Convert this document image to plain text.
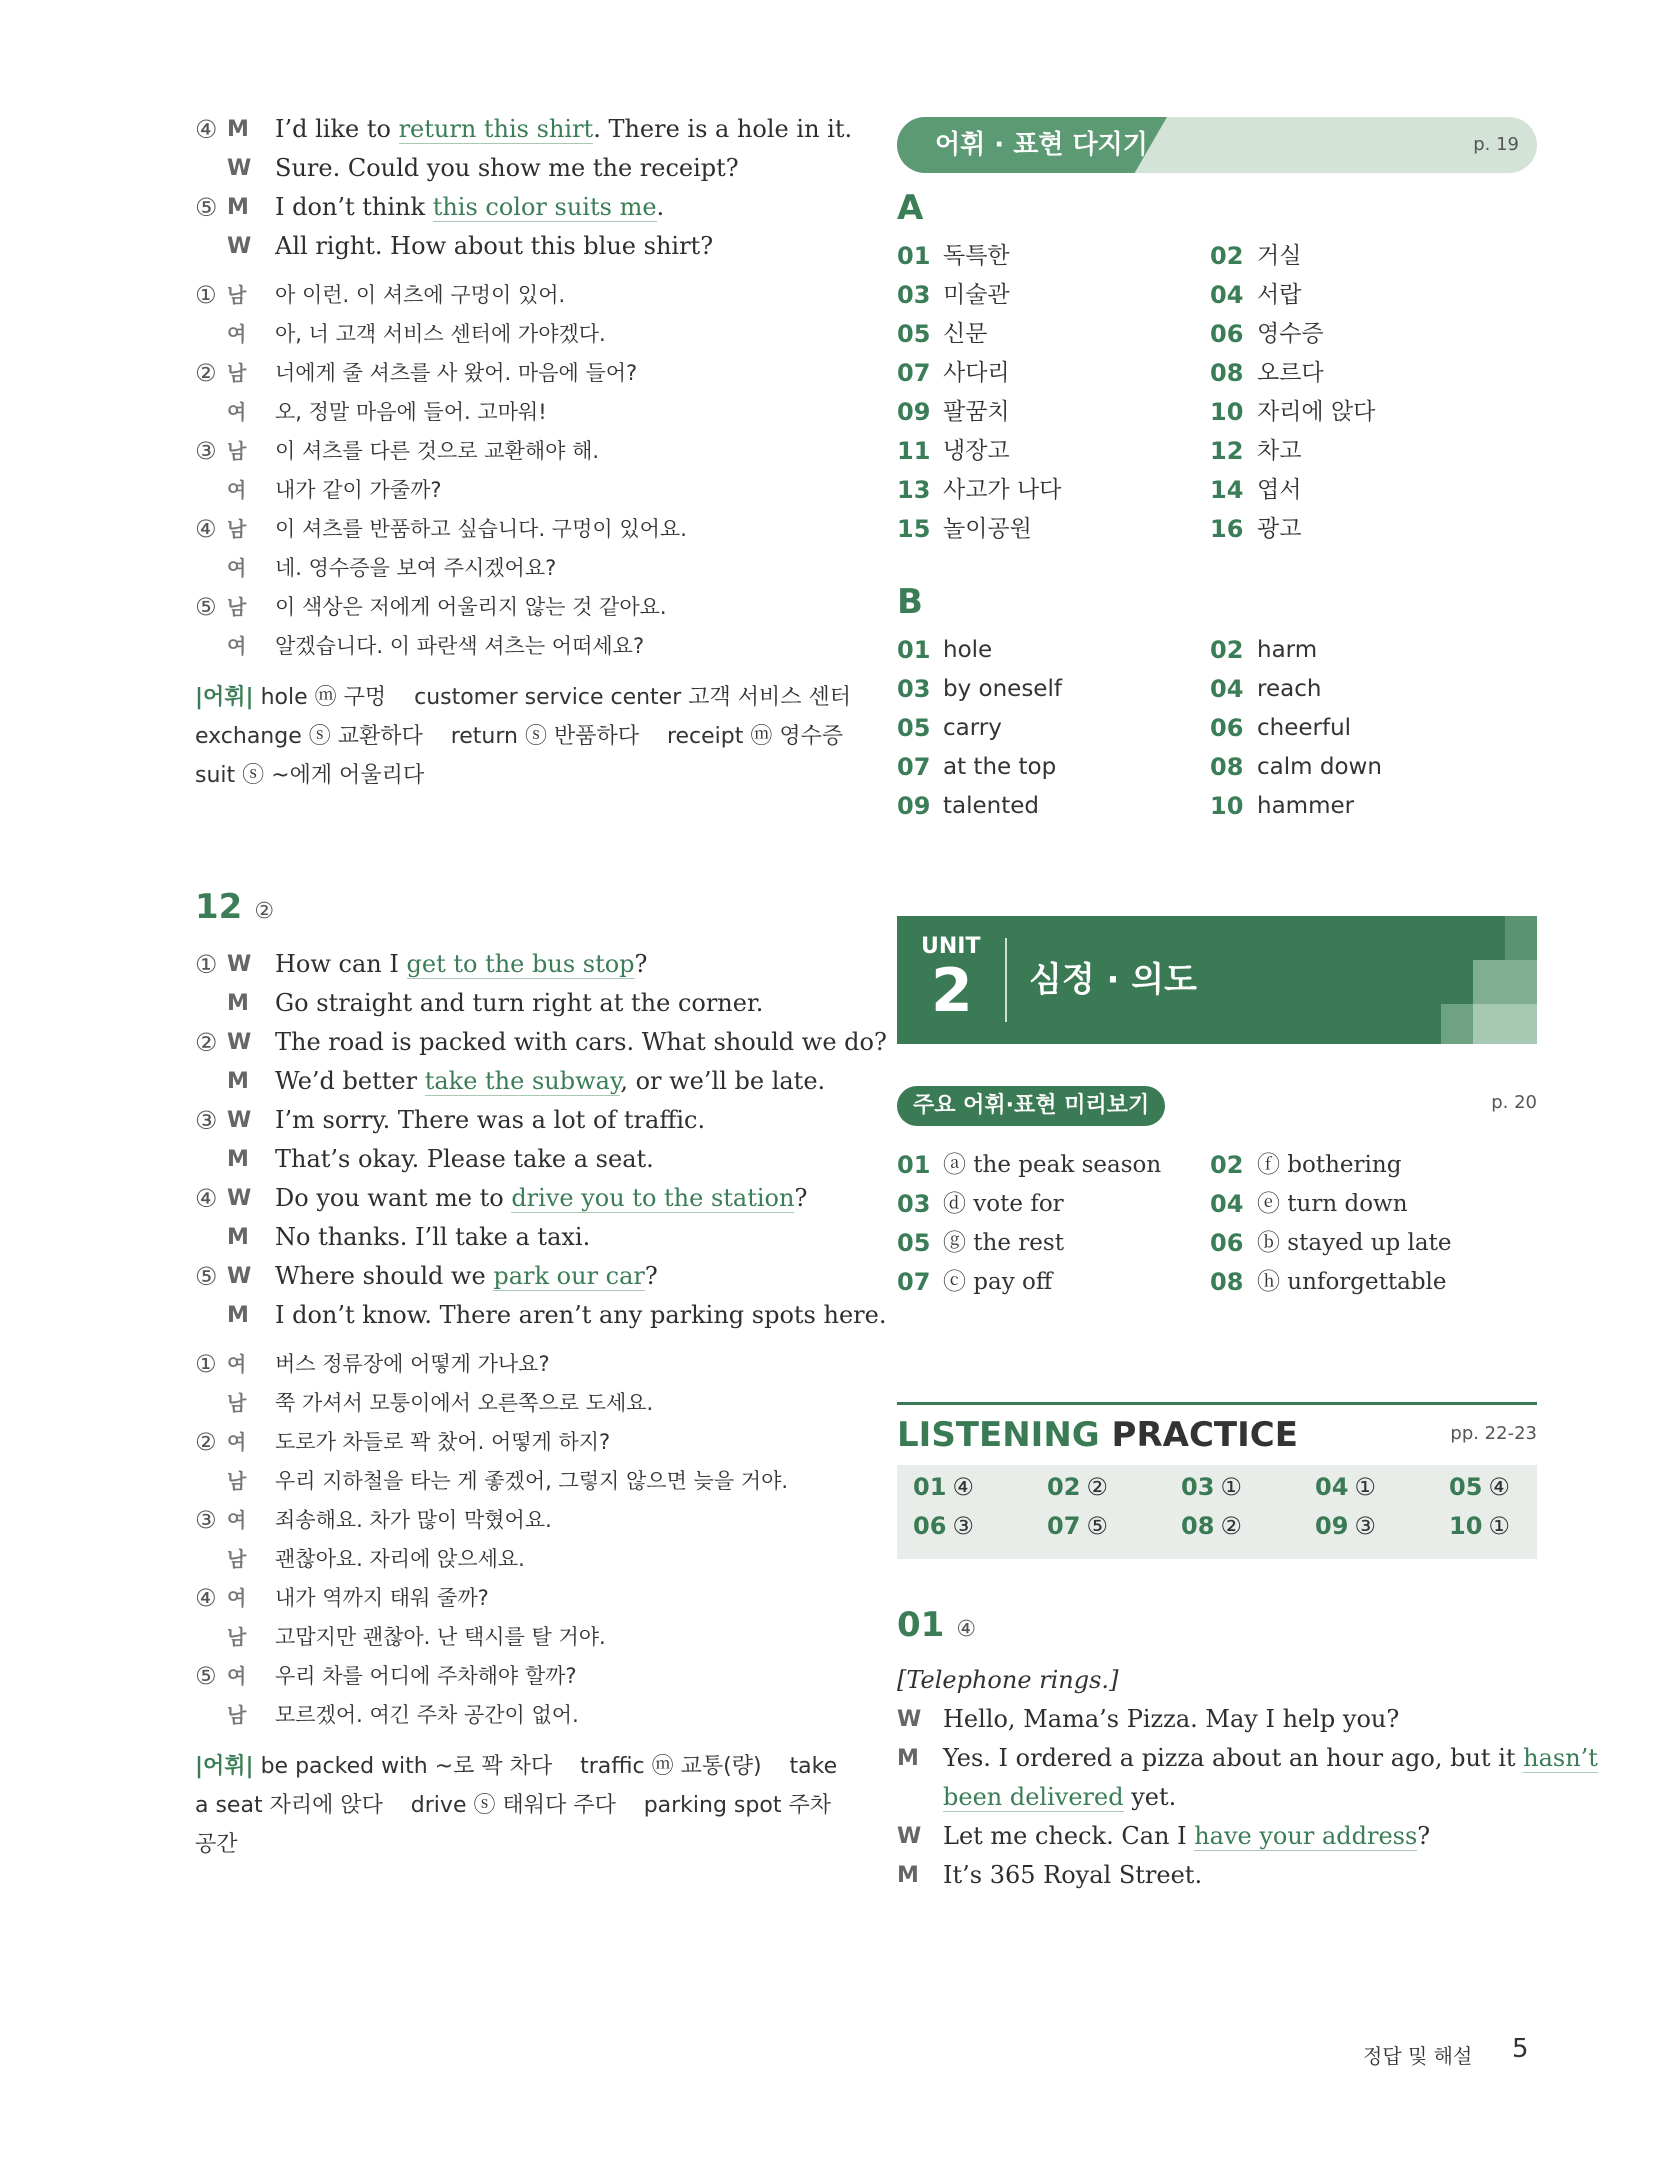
④ M I’d like to return this shirt. There is a hole in it.
W Sure. Could you show me the receipt?
⑤ M I don’t think this color suits me.
W All right. How about this blue shirt?
① 남 아 이런. 이 셔츠에 구멍이 있어.
여 아, 너 고객 서비스 센터에 가야겠다.
② 남 너에게 줄 셔츠를 사 왔어. 마음에 들어?
여 오, 정말 마음에 들어. 고마워!
③ 남 이 셔츠를 다른 것으로 교환해야 해.
여 내가 같이 가줄까?
④ 남 이 셔츠를 반품하고 싶습니다. 구멍이 있어요.
여 네. 영수증을 보여 주시겠어요?
⑤ 남 이 색상은 저에게 어울리지 않는 것 같아요.
여 알겠습니다. 이 파란색 셔츠는 어떠세요?
|어휘| hole ⓜ 구멍    customer service center 고객 서비스 센터
exchange ⓢ 교환하다    return ⓢ 반품하다    receipt ⓜ 영수증
suit ⓢ ~에게 어울리다
12 ②
① W How can I get to the bus stop?
M Go straight and turn right at the corner.
② W The road is packed with cars. What should we do?
M We’d better take the subway, or we’ll be late.
③ W I’m sorry. There was a lot of traffic.
M That’s okay. Please take a seat.
④ W Do you want me to drive you to the station?
M No thanks. I’ll take a taxi.
⑤ W Where should we park our car?
M I don’t know. There aren’t any parking spots here.
① 여 버스 정류장에 어떻게 가나요?
남 쭉 가셔서 모퉁이에서 오른쪽으로 도세요.
② 여 도로가 차들로 꽉 찼어. 어떻게 하지?
남 우리 지하철을 타는 게 좋겠어, 그렇지 않으면 늦을 거야.
③ 여 죄송해요. 차가 많이 막혔어요.
남 괜찮아요. 자리에 앉으세요.
④ 여 내가 역까지 태워 줄까?
남 고맙지만 괜찮아. 난 택시를 탈 거야.
⑤ 여 우리 차를 어디에 주차해야 할까?
남 모르겠어. 여긴 주차 공간이 없어.
|어휘| be packed with ~로 꽉 차다    traffic ⓜ 교통(량)    take
a seat 자리에 앉다    drive ⓢ 태워다 주다    parking spot 주차
공간
어휘 · 표현 다지기	p. 19
A
01 독특한	02 거실
03 미술관	04 서랍
05 신문	06 영수증
07 사다리	08 오르다
09 팔꿈치	10 자리에 앉다
11 냉장고	12 차고
13 사고가 나다	14 엽서
15 놀이공원	16 광고
B
01 hole	02 harm
03 by oneself	04 reach
05 carry	06 cheerful
07 at the top	08 calm down
09 talented	10 hammer
UNIT
2 심정 · 의도
주요 어휘·표현 미리보기	p. 20
01 ⓐ the peak season 02 ⓕ bothering
03 ⓓ vote for	04 ⓔ turn down
05 ⓖ the rest	06 ⓑ stayed up late
07 ⓒ pay off	08 ⓗ unforgettable
LISTENING PRACTICE	pp. 22-23
01 ④	02 ②	03 ①	04 ①	05 ④
06 ③	07 ⑤	08 ②	09 ③	10 ①
01 ④
[Telephone rings.]
W Hello, Mama’s Pizza. May I help you?
M Yes. I ordered a pizza about an hour ago, but it hasn’t
been delivered yet.
W Let me check. Can I have your address?
M It’s 365 Royal Street.
정답 및 해설 5
